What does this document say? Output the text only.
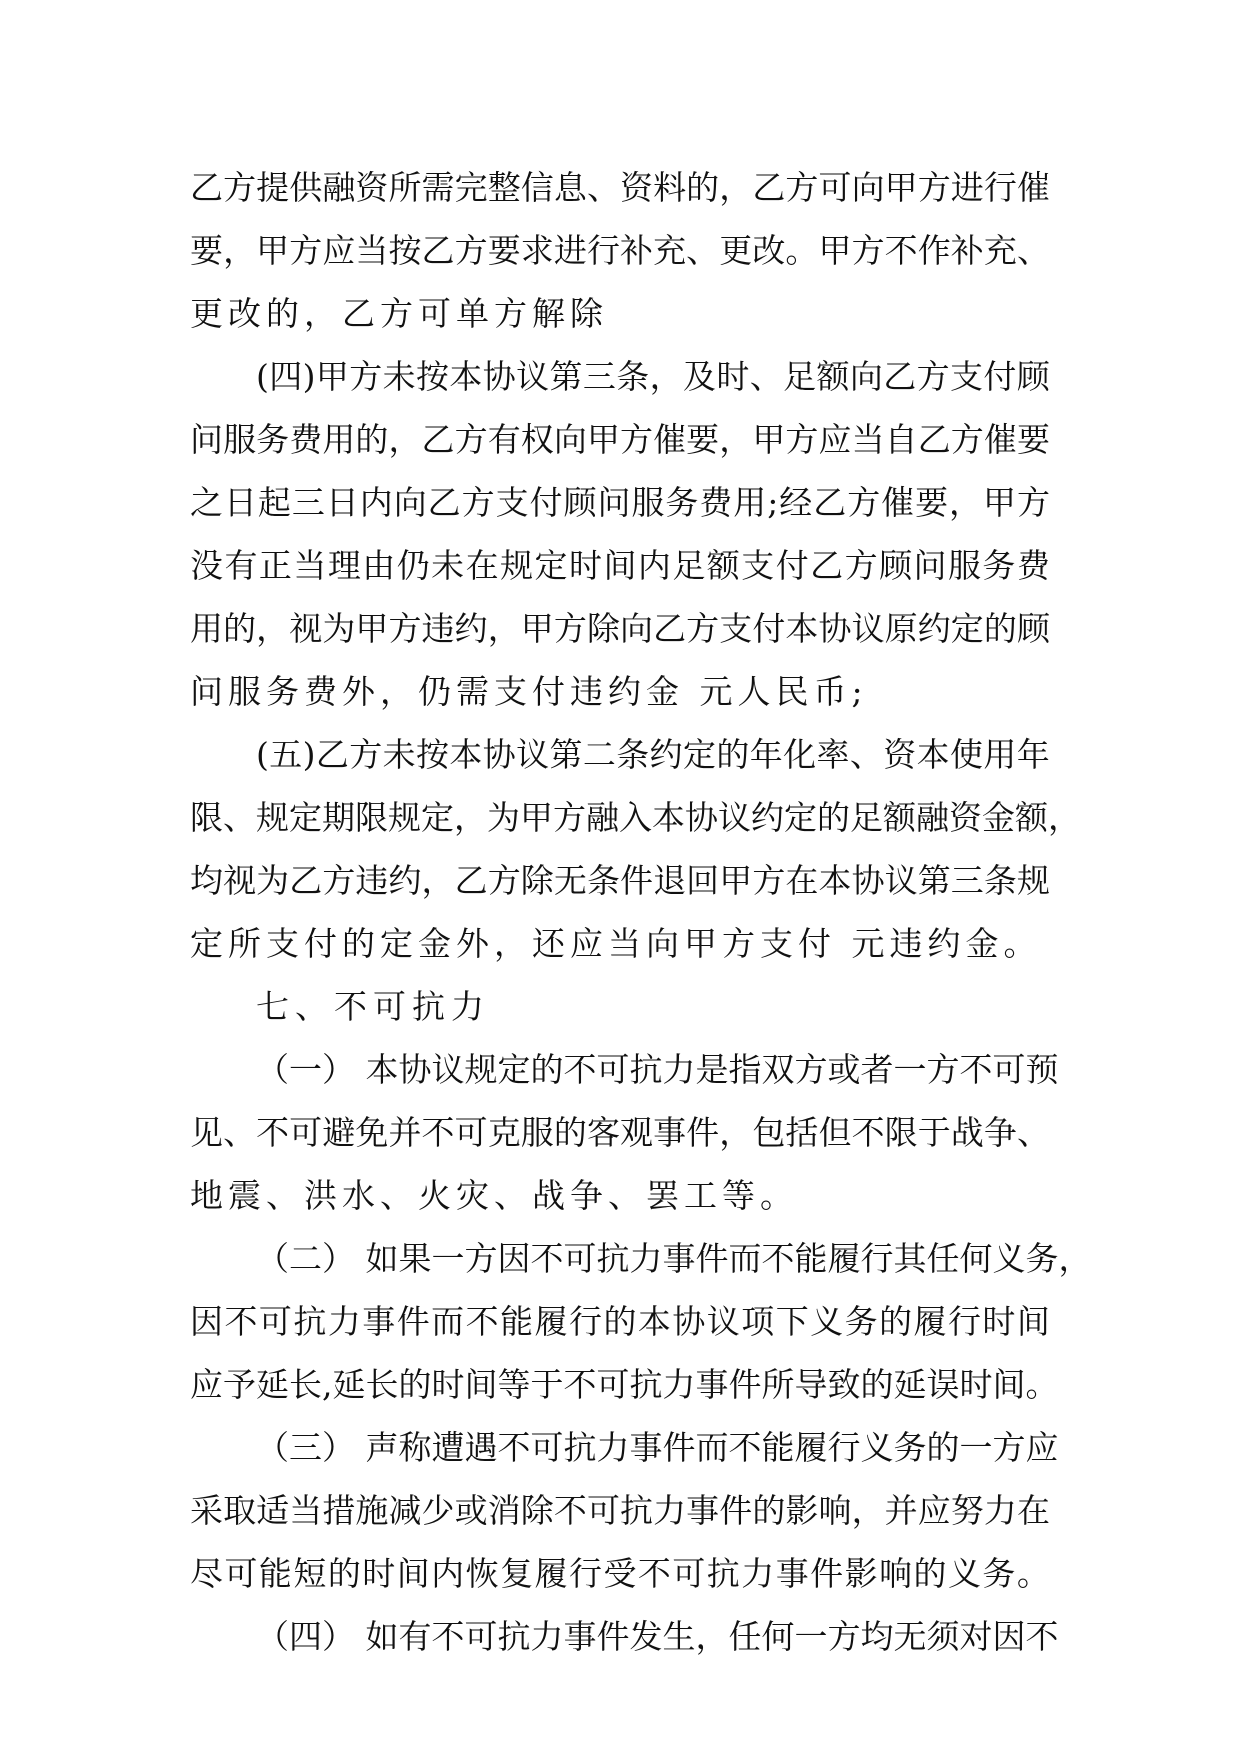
乙 方 提 供 融 资 所 需 完 整 信 息 、 资 料 的 ， 乙 方 可 向 甲 方 进 行 催
要 ， 甲 方 应 当 按 乙 方 要 求 进 行 补 充 、 更 改 。 甲 方 不 作 补 充 、
更改的，乙方可单方解除
( 四 ) 甲 方 未 按 本 协 议 第 三 条 ， 及 时 、 足 额 向 乙 方 支 付 顾
问 服 务 费 用 的 ， 乙 方 有 权 向 甲 方 催 要 ， 甲 方 应 当 自 乙 方 催 要
之 日 起 三 日 内 向 乙 方 支 付 顾 问 服 务 费 用 ; 经 乙 方 催 要 ， 甲 方
没 有 正 当 理 由 仍 未 在 规 定 时 间 内 足 额 支 付 乙 方 顾 问 服 务 费
用 的 ， 视 为 甲 方 违 约 ， 甲 方 除 向 乙 方 支 付 本 协 议 原 约 定 的 顾
问服务费外，仍需支付违约金 元人民币;
( 五 ) 乙 方 未 按 本 协 议 第 二 条 约 定 的 年 化 率 、 资 本 使 用 年
限 、 规 定 期 限 规 定 ， 为 甲 方 融 入 本 协 议 约 定 的 足 额 融 资 金 额 ，
均 视 为 乙 方 违 约 ， 乙 方 除 无 条 件 退 回 甲 方 在 本 协 议 第 三 条 规
定所支付的定金外，还应当向甲方支付 元违约金。
七、不可抗力
（ 一 ）
本 协 议 规 定 的 不 可 抗 力 是 指 双 方 或 者 一 方 不 可 预
见 、 不 可 避 免 并 不 可 克 服 的 客 观 事 件 ， 包 括 但 不 限 于 战 争 、
地震、洪水、火灾、战争、罢工等。
（ 二 ）
如 果 一 方 因 不 可 抗 力 事 件 而 不 能 履 行 其 任 何 义 务 ，
因 不 可 抗 力 事 件 而 不 能 履 行 的 本 协 议 项 下 义 务 的 履 行 时 间
应 予 延 长 , 延 长 的 时 间 等 于 不 可 抗 力 事 件 所 导 致 的 延 误 时 间 。
（ 三 ）
声 称 遭 遇 不 可 抗 力 事 件 而 不 能 履 行 义 务 的 一 方 应
采 取 适 当 措 施 减 少 或 消 除 不 可 抗 力 事 件 的 影 响 ， 并 应 努 力 在
尽 可 能 短 的 时 间 内 恢 复 履 行 受 不 可 抗 力 事 件 影 响 的 义 务 。
（ 四 ）
如 有 不 可 抗 力 事 件 发 生 ， 任 何 一 方 均 无 须 对 因 不
